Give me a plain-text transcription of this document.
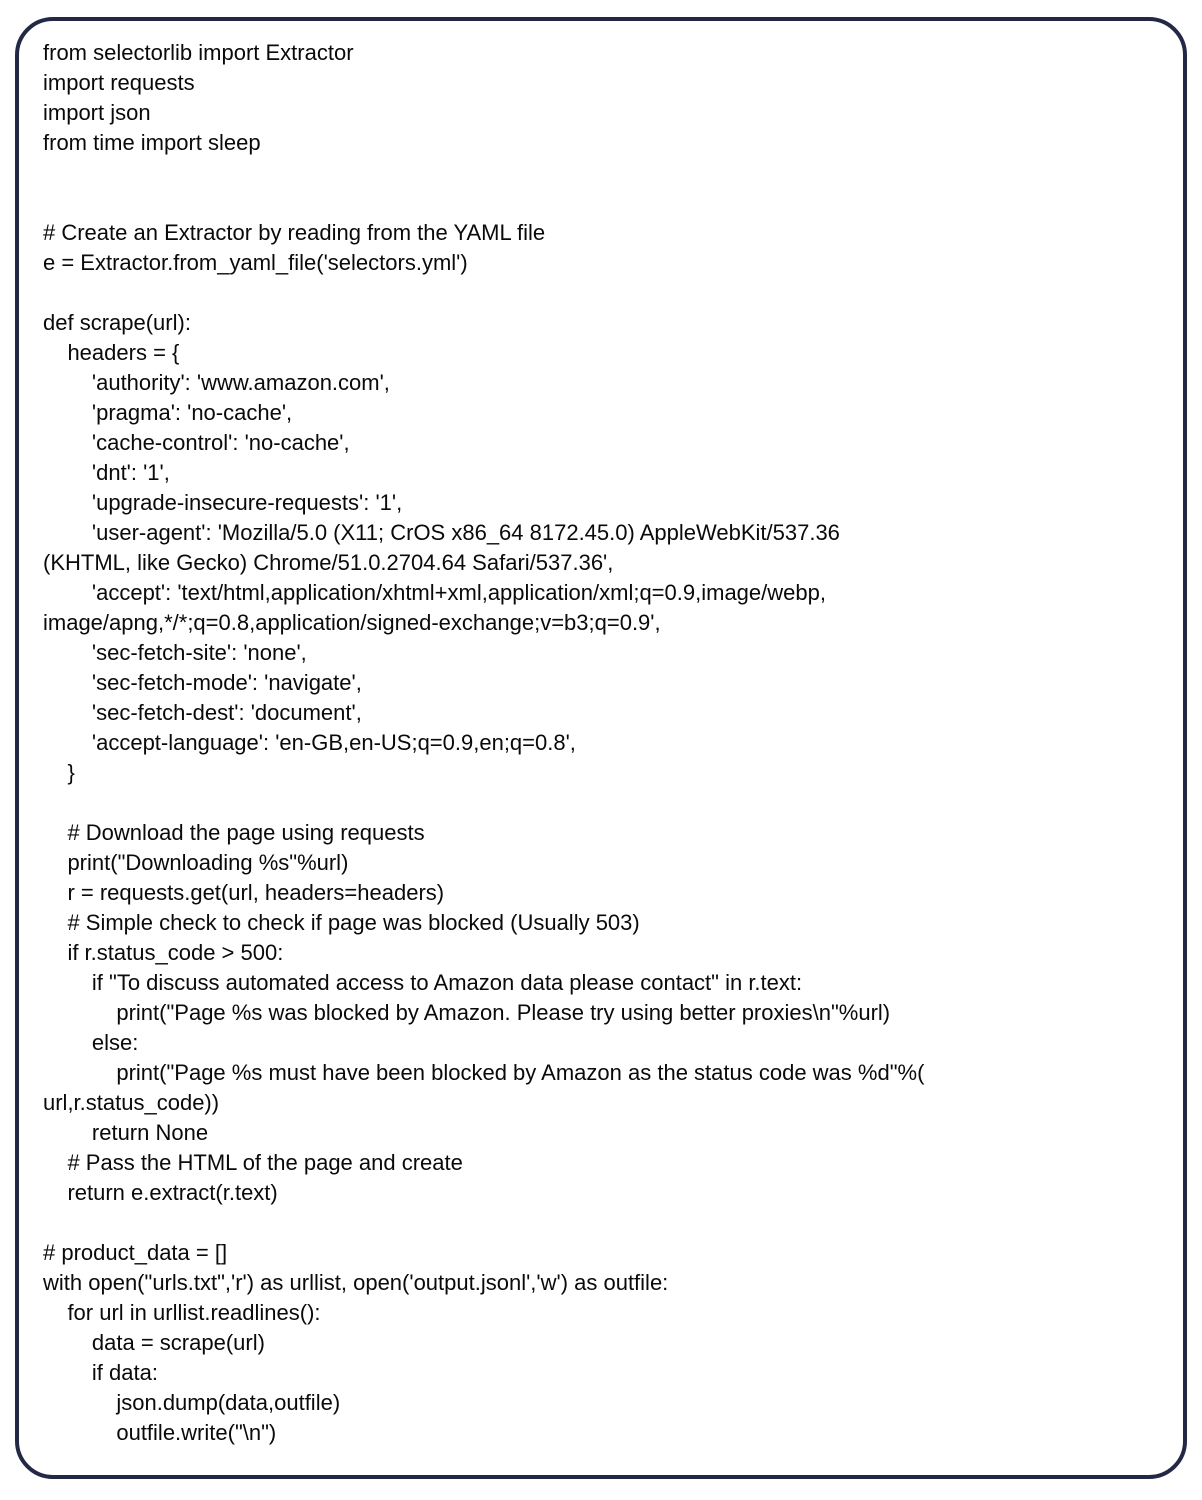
from selectorlib import Extractor
import requests
import json
from time import sleep
# Create an Extractor by reading from the YAML file
e = Extractor.from_yaml_file('selectors.yml')
def scrape(url):
headers = {
'authority': 'www.amazon.com',
'pragma': 'no-cache',
'cache-control': 'no-cache',
'dnt': '1',
'upgrade-insecure-requests': '1',
'user-agent': 'Mozilla/5.0 (X11; CrOS x86_64 8172.45.0) AppleWebKit/537.36
(KHTML, like Gecko) Chrome/51.0.2704.64 Safari/537.36',
'accept': 'text/html,application/xhtml+xml,application/xml;q=0.9,image/webp,
image/apng,*/*;q=0.8,application/signed-exchange;v=b3;q=0.9',
'sec-fetch-site': 'none',
'sec-fetch-mode': 'navigate',
'sec-fetch-dest': 'document',
'accept-language': 'en-GB,en-US;q=0.9,en;q=0.8',
}
# Download the page using requests
print("Downloading %s"%url)
r = requests.get(url, headers=headers)
# Simple check to check if page was blocked (Usually 503)
if r.status_code > 500:
if "To discuss automated access to Amazon data please contact" in r.text:
print("Page %s was blocked by Amazon. Please try using better proxies\n"%url)
else:
print("Page %s must have been blocked by Amazon as the status code was %d"%(
url,r.status_code))
return None
# Pass the HTML of the page and create
return e.extract(r.text)
# product_data = []
with open("urls.txt",'r') as urllist, open('output.jsonl','w') as outfile:
for url in urllist.readlines():
data = scrape(url)
if data:
json.dump(data,outfile)
outfile.write("\n")
